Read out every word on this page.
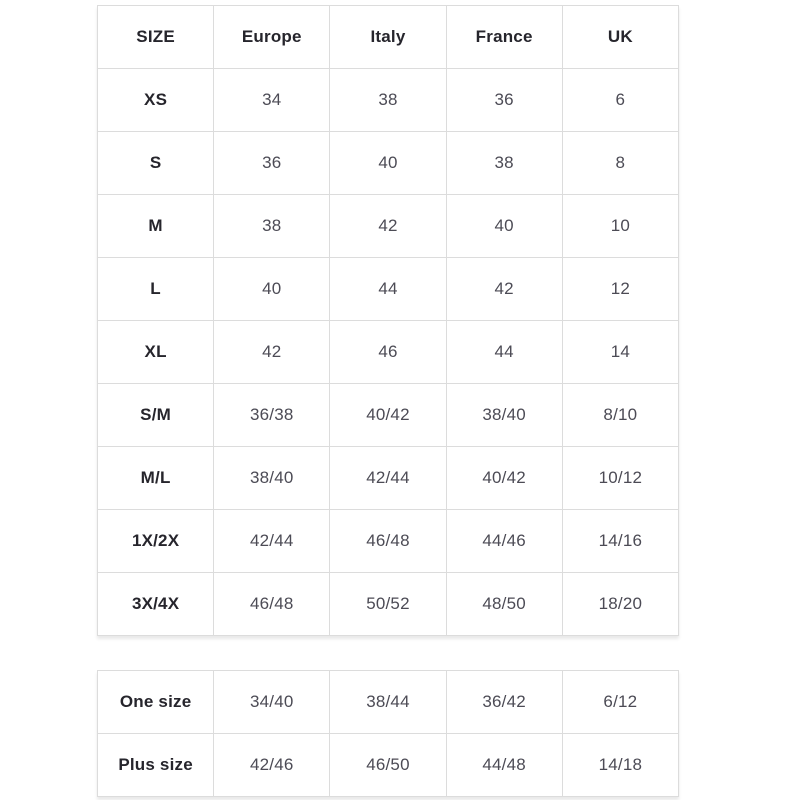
SIZE	Europe	Italy	France	UK
XS	34	38	36	6
S	36	40	38	8
M	38	42	40	10
L	40	44	42	12
XL	42	46	44	14
S/M	36/38	40/42	38/40	8/10
M/L	38/40	42/44	40/42	10/12
1X/2X	42/44	46/48	44/46	14/16
3X/4X	46/48	50/52	48/50	18/20
One size	34/40	38/44	36/42	6/12
Plus size	42/46	46/50	44/48	14/18
